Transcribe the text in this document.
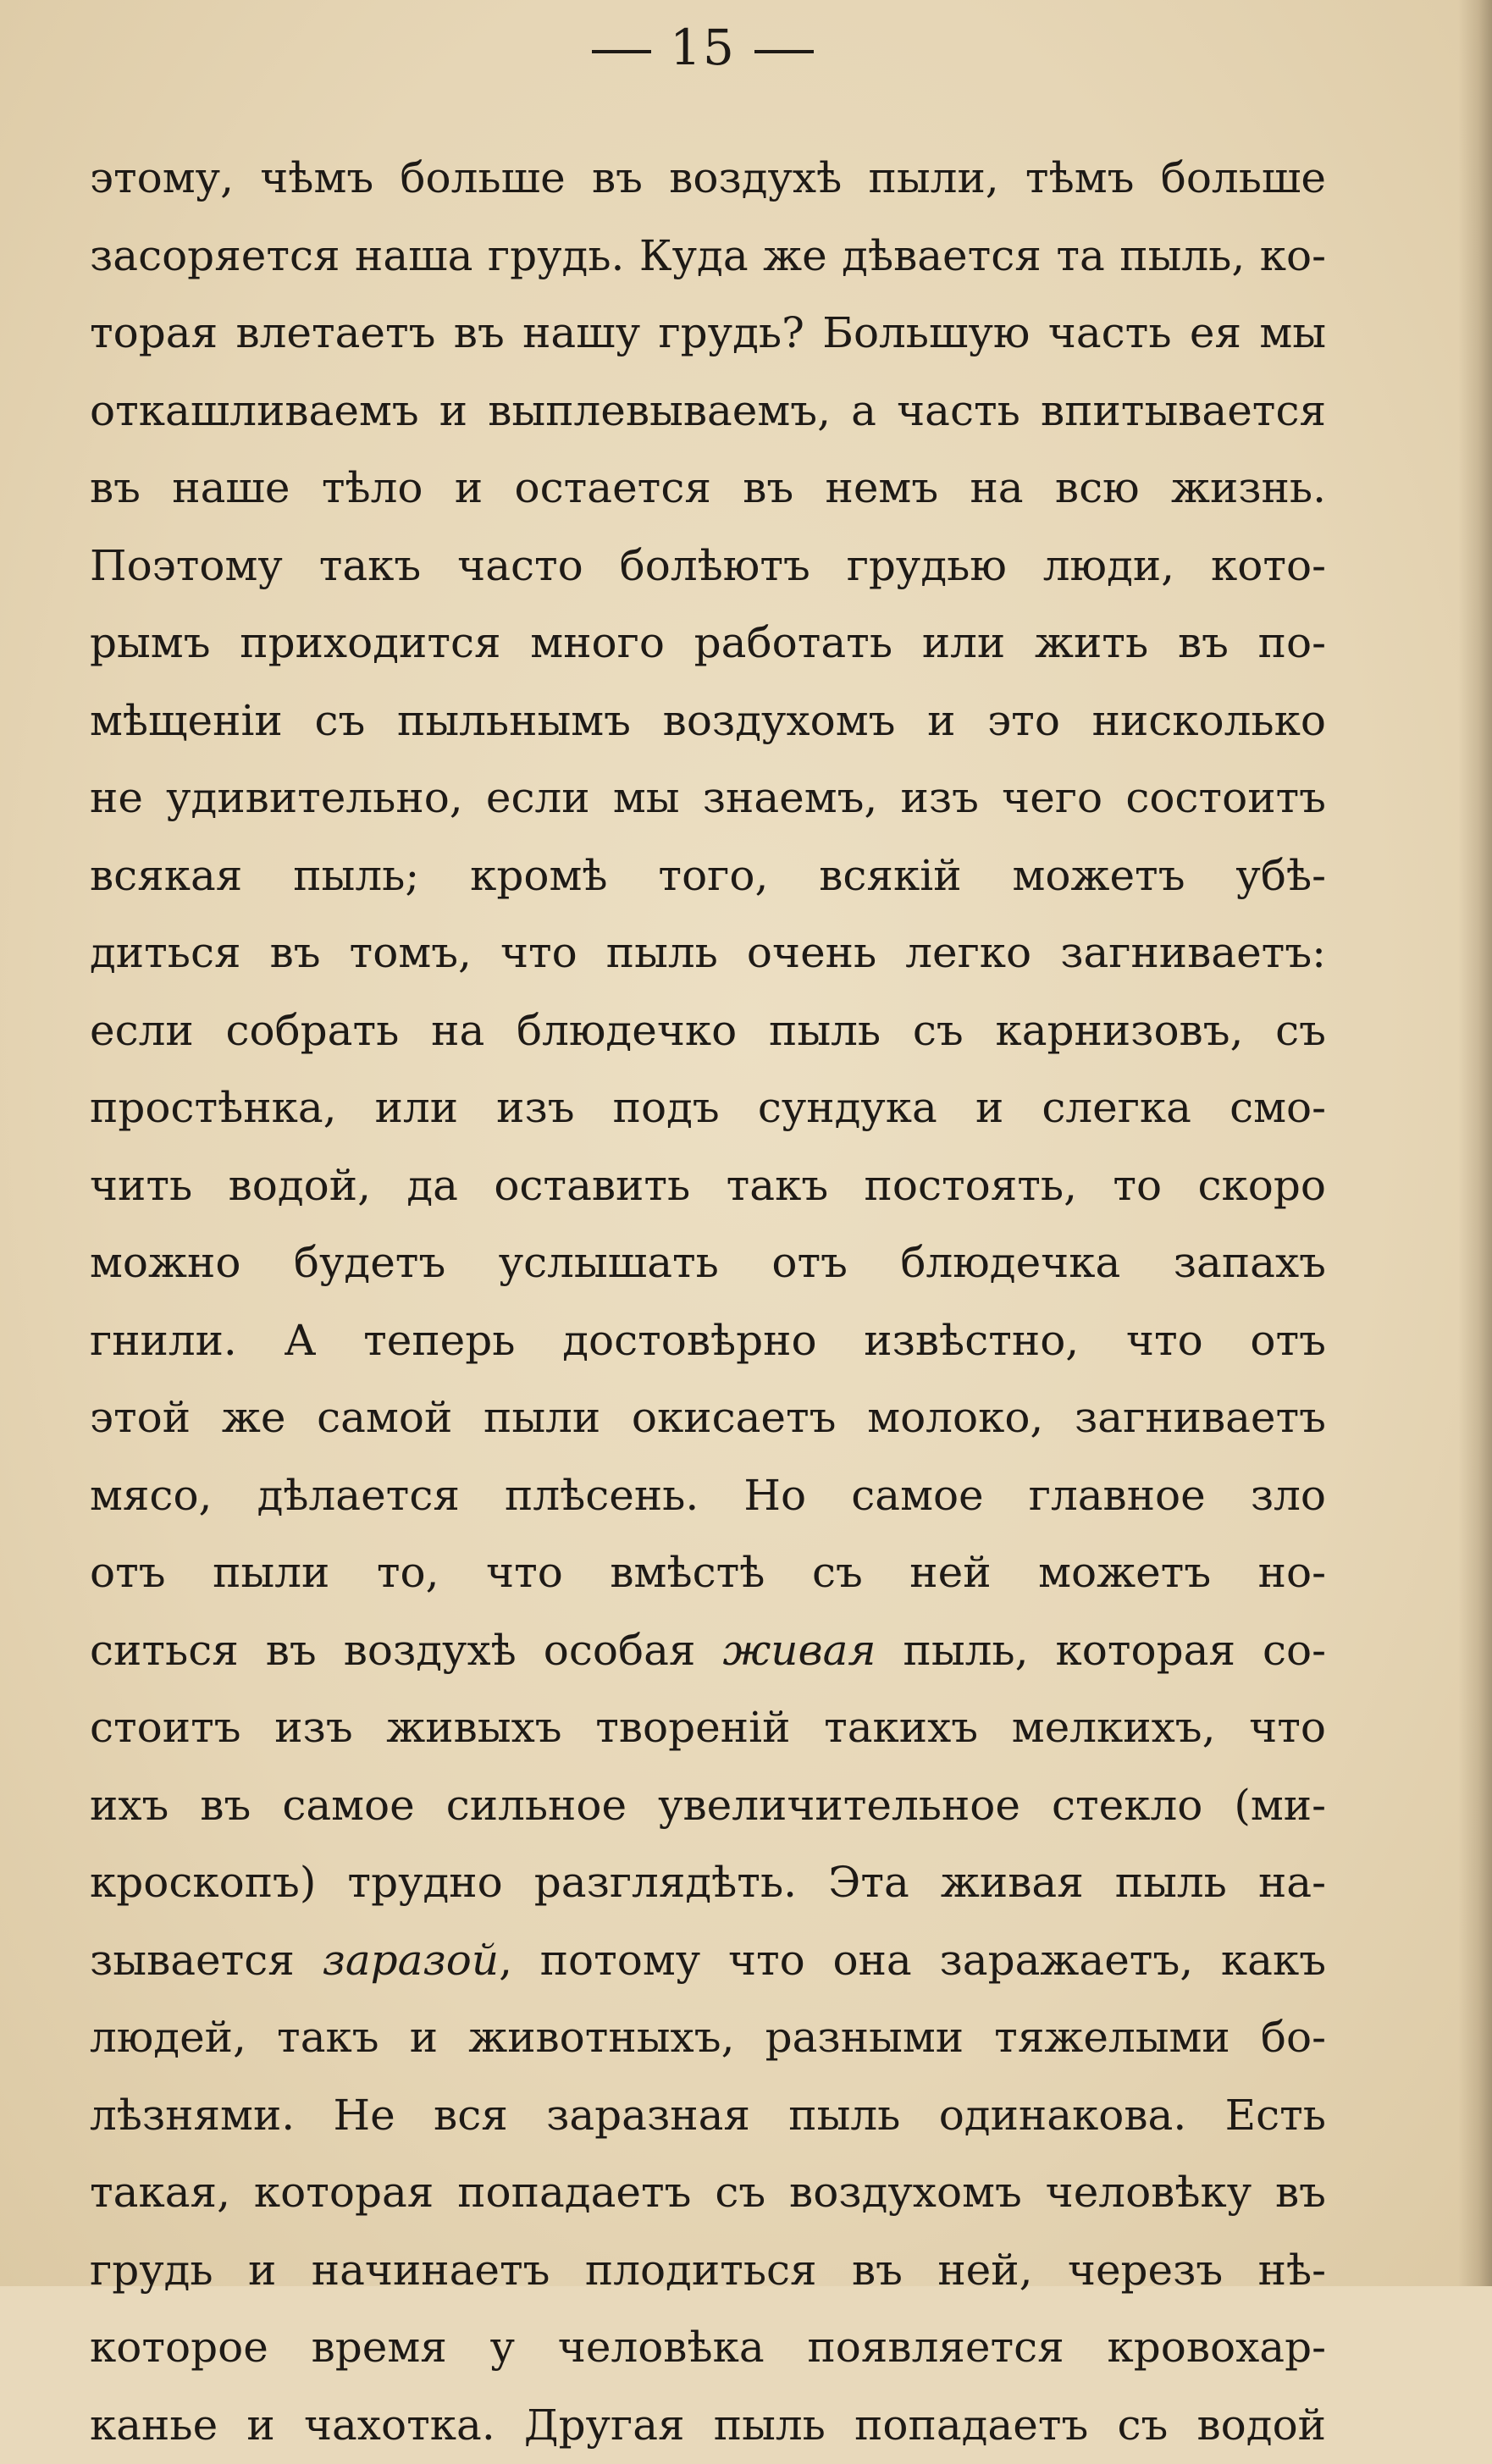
15
этому, чѣмъ больше въ воздухѣ пыли, тѣмъ больше
засоряется наша грудь. Куда же дѣвается та пыль, ко-
торая влетаетъ въ нашу грудь? Большую часть ея мы
откашливаемъ и выплевываемъ, а часть впитывается
въ наше тѣло и остается въ немъ на всю жизнь.
Поэтому такъ часто болѣютъ грудью люди, кото-
рымъ приходится много работать или жить въ по-
мѣщенiи съ пыльнымъ воздухомъ и это нисколько
не удивительно, если мы знаемъ, изъ чего состоитъ
всякая пыль; кромѣ того, всякiй можетъ убѣ-
диться въ томъ, что пыль очень легко загниваетъ:
если собрать на блюдечко пыль съ карнизовъ, съ
простѣнка, или изъ подъ сундука и слегка смо-
чить водой, да оставить такъ постоять, то скоро
можно будетъ услышать отъ блюдечка запахъ
гнили. А теперь достовѣрно извѣстно, что отъ
этой же самой пыли окисаетъ молоко, загниваетъ
мясо, дѣлается плѣсень. Но самое главное зло
отъ пыли то, что вмѣстѣ съ ней можетъ но-
ситься въ воздухѣ особая живая пыль, которая со-
стоитъ изъ живыхъ творенiй такихъ мелкихъ, что
ихъ въ самое сильное увеличительное стекло (ми-
кроскопъ) трудно разглядѣть. Эта живая пыль на-
зывается заразой, потому что она заражаетъ, какъ
людей, такъ и животныхъ, разными тяжелыми бо-
лѣзнями. Не вся заразная пыль одинакова. Есть
такая, которая попадаетъ съ воздухомъ человѣку въ
грудь и начинаетъ плодиться въ ней, черезъ нѣ-
которое время у человѣка появляется кровохар-
канье и чахотка. Другая пыль попадаетъ съ водой
